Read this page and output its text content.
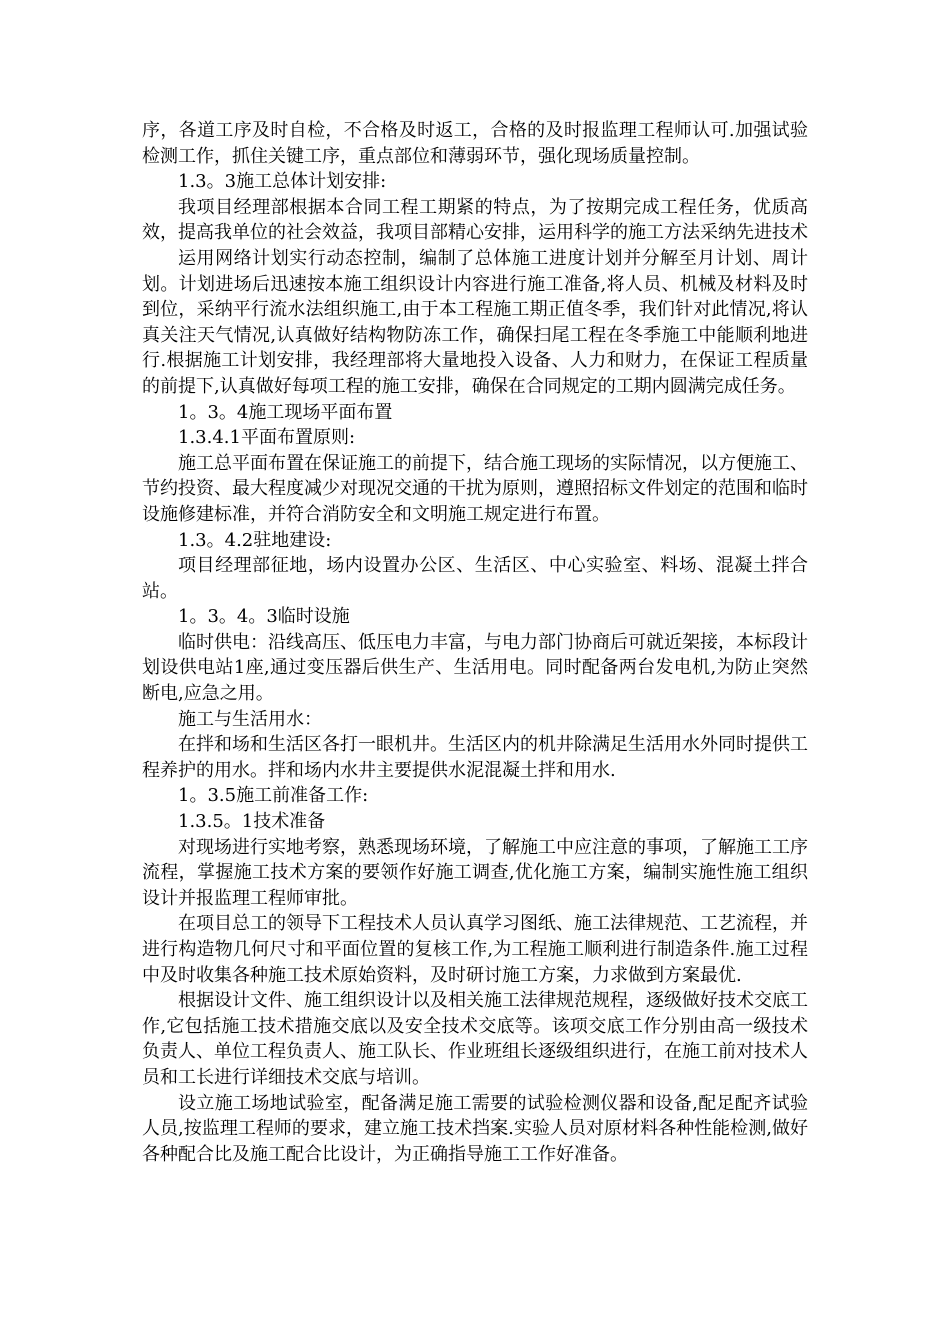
序，各道工序及时自检，不合格及时返工，合格的及时报监理工程师认可.加强试验检测工作，抓住关键工序，重点部位和薄弱环节，强化现场质量控制。

1.3。3施工总体计划安排:

我项目经理部根据本合同工程工期紧的特点，为了按期完成工程任务，优质高效，提高我单位的社会效益，我项目部精心安排，运用科学的施工方法采纳先进技术

运用网络计划实行动态控制，编制了总体施工进度计划并分解至月计划、周计划。计划进场后迅速按本施工组织设计内容进行施工准备,将人员、机械及材料及时到位，采纳平行流水法组织施工,由于本工程施工期正值冬季，我们针对此情况,将认真关注天气情况,认真做好结构物防冻工作，确保扫尾工程在冬季施工中能顺利地进行.根据施工计划安排，我经理部将大量地投入设备、人力和财力，在保证工程质量的前提下,认真做好每项工程的施工安排，确保在合同规定的工期内圆满完成任务。

1。3。4施工现场平面布置

1.3.4.1平面布置原则:

施工总平面布置在保证施工的前提下，结合施工现场的实际情况，以方便施工、节约投资、最大程度减少对现况交通的干扰为原则，遵照招标文件划定的范围和临时设施修建标准，并符合消防安全和文明施工规定进行布置。

1.3。4.2驻地建设:

项目经理部征地，场内设置办公区、生活区、中心实验室、料场、混凝土拌合站。

1。3。4。3临时设施

临时供电：沿线高压、低压电力丰富，与电力部门协商后可就近架接，本标段计划设供电站1座,通过变压器后供生产、生活用电。同时配备两台发电机,为防止突然断电,应急之用。

施工与生活用水：

在拌和场和生活区各打一眼机井。生活区内的机井除满足生活用水外同时提供工程养护的用水。拌和场内水井主要提供水泥混凝土拌和用水.

1。3.5施工前准备工作:

1.3.5。1技术准备

对现场进行实地考察，熟悉现场环境，了解施工中应注意的事项，了解施工工序流程，掌握施工技术方案的要领作好施工调查,优化施工方案，编制实施性施工组织设计并报监理工程师审批。

在项目总工的领导下工程技术人员认真学习图纸、施工法律规范、工艺流程，并进行构造物几何尺寸和平面位置的复核工作,为工程施工顺利进行制造条件.施工过程中及时收集各种施工技术原始资料，及时研讨施工方案，力求做到方案最优.

根据设计文件、施工组织设计以及相关施工法律规范规程，逐级做好技术交底工作,它包括施工技术措施交底以及安全技术交底等。该项交底工作分别由高一级技术负责人、单位工程负责人、施工队长、作业班组长逐级组织进行，在施工前对技术人员和工长进行详细技术交底与培训。

设立施工场地试验室，配备满足施工需要的试验检测仪器和设备,配足配齐试验人员,按监理工程师的要求，建立施工技术挡案.实验人员对原材料各种性能检测,做好各种配合比及施工配合比设计，为正确指导施工工作好准备。
